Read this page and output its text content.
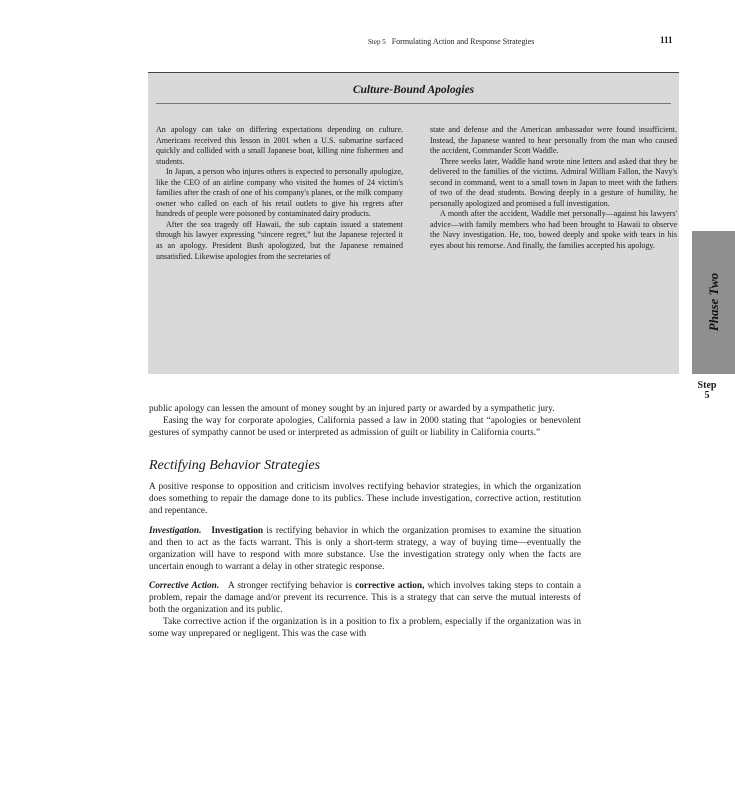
Step 5 Formulating Action and Response Strategies	111
Culture-Bound Apologies

An apology can take on differing expectations depending on culture. Americans received this lesson in 2001 when a U.S. submarine surfaced quickly and collided with a small Japanese boat, killing nine fishermen and students.

In Japan, a person who injures others is expected to personally apologize, like the CEO of an airline company who visited the homes of 24 victim's families after the crash of one of his company's planes, or the milk company owner who called on each of his retail outlets to give his regrets after hundreds of people were poisoned by contaminated dairy products.

After the sea tragedy off Hawaii, the sub captain issued a statement through his lawyer expressing “sincere regret,” but the Japanese rejected it as an apology. President Bush apologized, but the Japanese remained unsatisfied. Likewise apologies from the secretaries of

state and defense and the American ambassador were found insufficient. Instead, the Japanese wanted to hear personally from the man who caused the accident, Commander Scott Waddle.

Three weeks later, Waddle hand wrote nine letters and asked that they be delivered to the families of the victims. Admiral William Fallon, the Navy's second in command, went to a small town in Japan to meet with the fathers of two of the dead students. Bowing deeply in a gesture of humility, he personally apologized and promised a full investigation.

A month after the accident, Waddle met personally—against his lawyers' advice—with family members who had been brought to Hawaii to observe the Navy investigation. He, too, bowed deeply and spoke with tears in his eyes about his remorse. And finally, the families accepted his apology.

Phase Two
Step
5

public apology can lessen the amount of money sought by an injured party or awarded by a sympathetic jury.

Easing the way for corporate apologies, California passed a law in 2000 stating that “apologies or benevolent gestures of sympathy cannot be used or interpreted as admission of guilt or liability in California courts.”

Rectifying Behavior Strategies

A positive response to opposition and criticism involves rectifying behavior strategies, in which the organization does something to repair the damage done to its publics. These include investigation, corrective action, restitution and repentance.

Investigation. Investigation is rectifying behavior in which the organization promises to examine the situation and then to act as the facts warrant. This is only a short-term strategy, a way of buying time—eventually the organization will have to respond with more substance. Use the investigation strategy only when the facts are uncertain enough to warrant a delay in other strategic response.

Corrective Action. A stronger rectifying behavior is corrective action, which involves taking steps to contain a problem, repair the damage and/or prevent its recurrence. This is a strategy that can serve the mutual interests of both the organization and its public.

Take corrective action if the organization is in a position to fix a problem, especially if the organization was in some way unprepared or negligent. This was the case with
